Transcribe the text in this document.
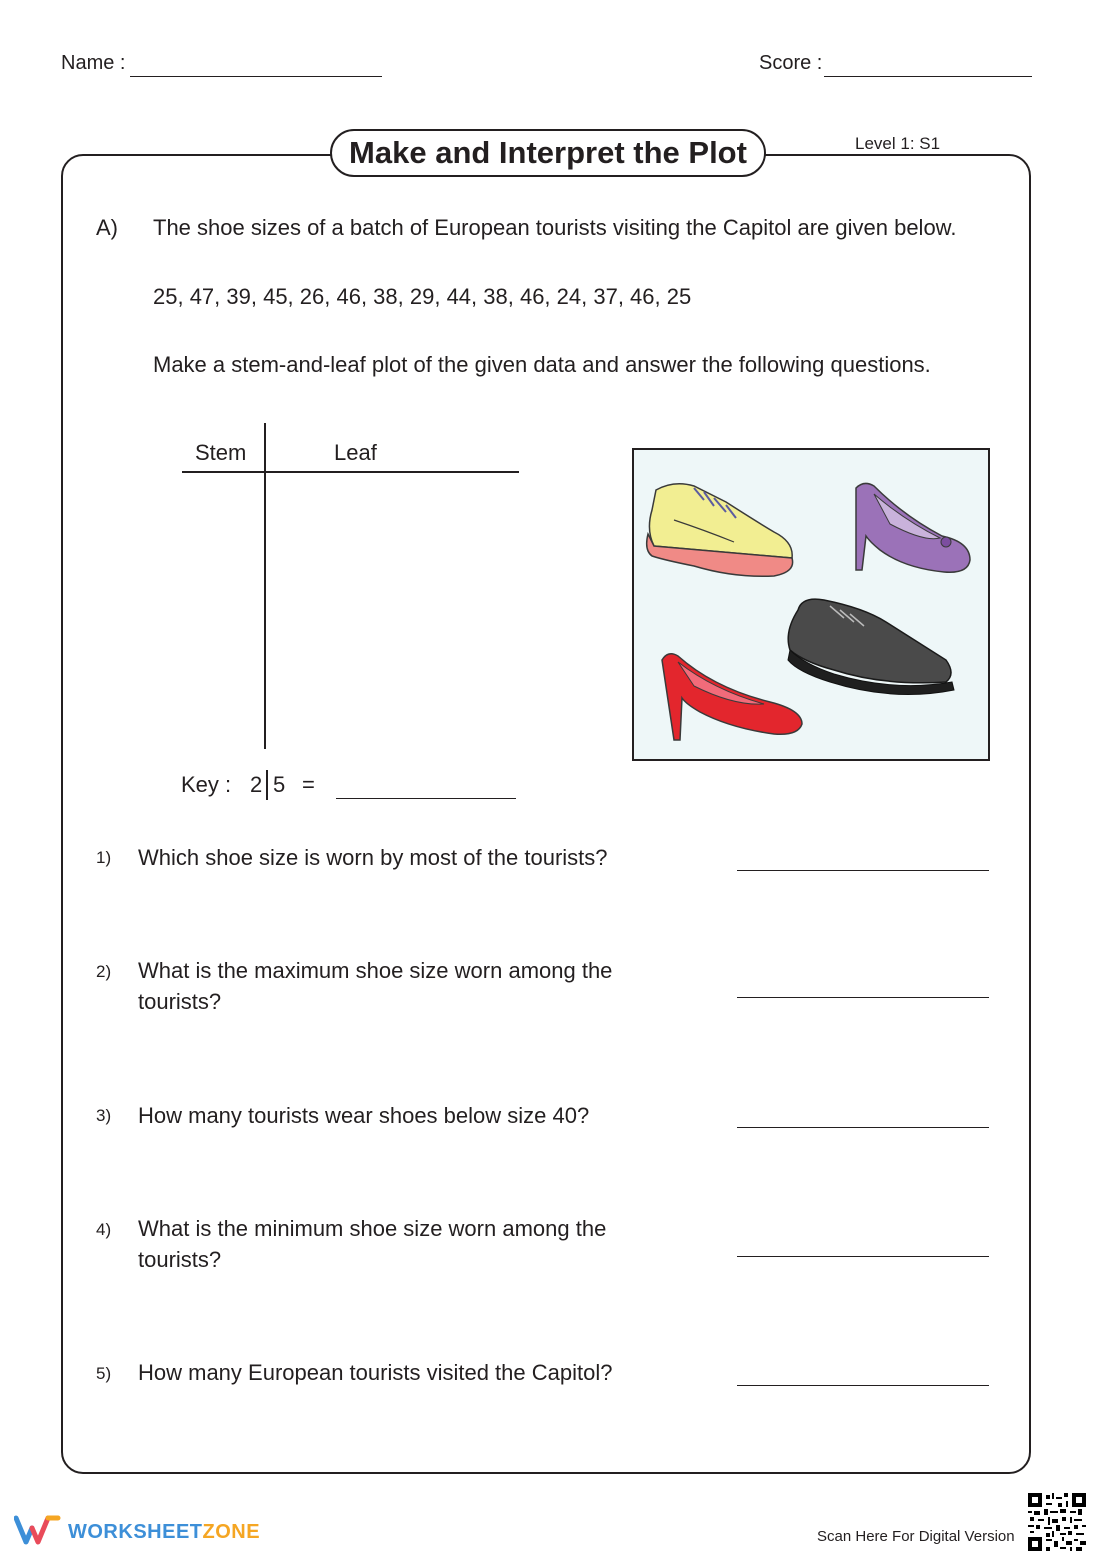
Name :	Score :
Make and Interpret the Plot	Level 1: S1
A) The shoe sizes of a batch of European tourists visiting the Capitol are given below.
25, 47, 39, 45, 26, 46, 38, 29, 44, 38, 46, 24, 37, 46, 25
Make a stem-and-leaf plot of the given data and answer the following questions.
Stem	Leaf
Key : 2 5 =
1) Which shoe size is worn by most of the tourists?
2) What is the maximum shoe size worn among the tourists?
3) How many tourists wear shoes below size 40?
4) What is the minimum shoe size worn among the tourists?
5) How many European tourists visited the Capitol?
WORKSHEETZONE	Scan Here For Digital Version
